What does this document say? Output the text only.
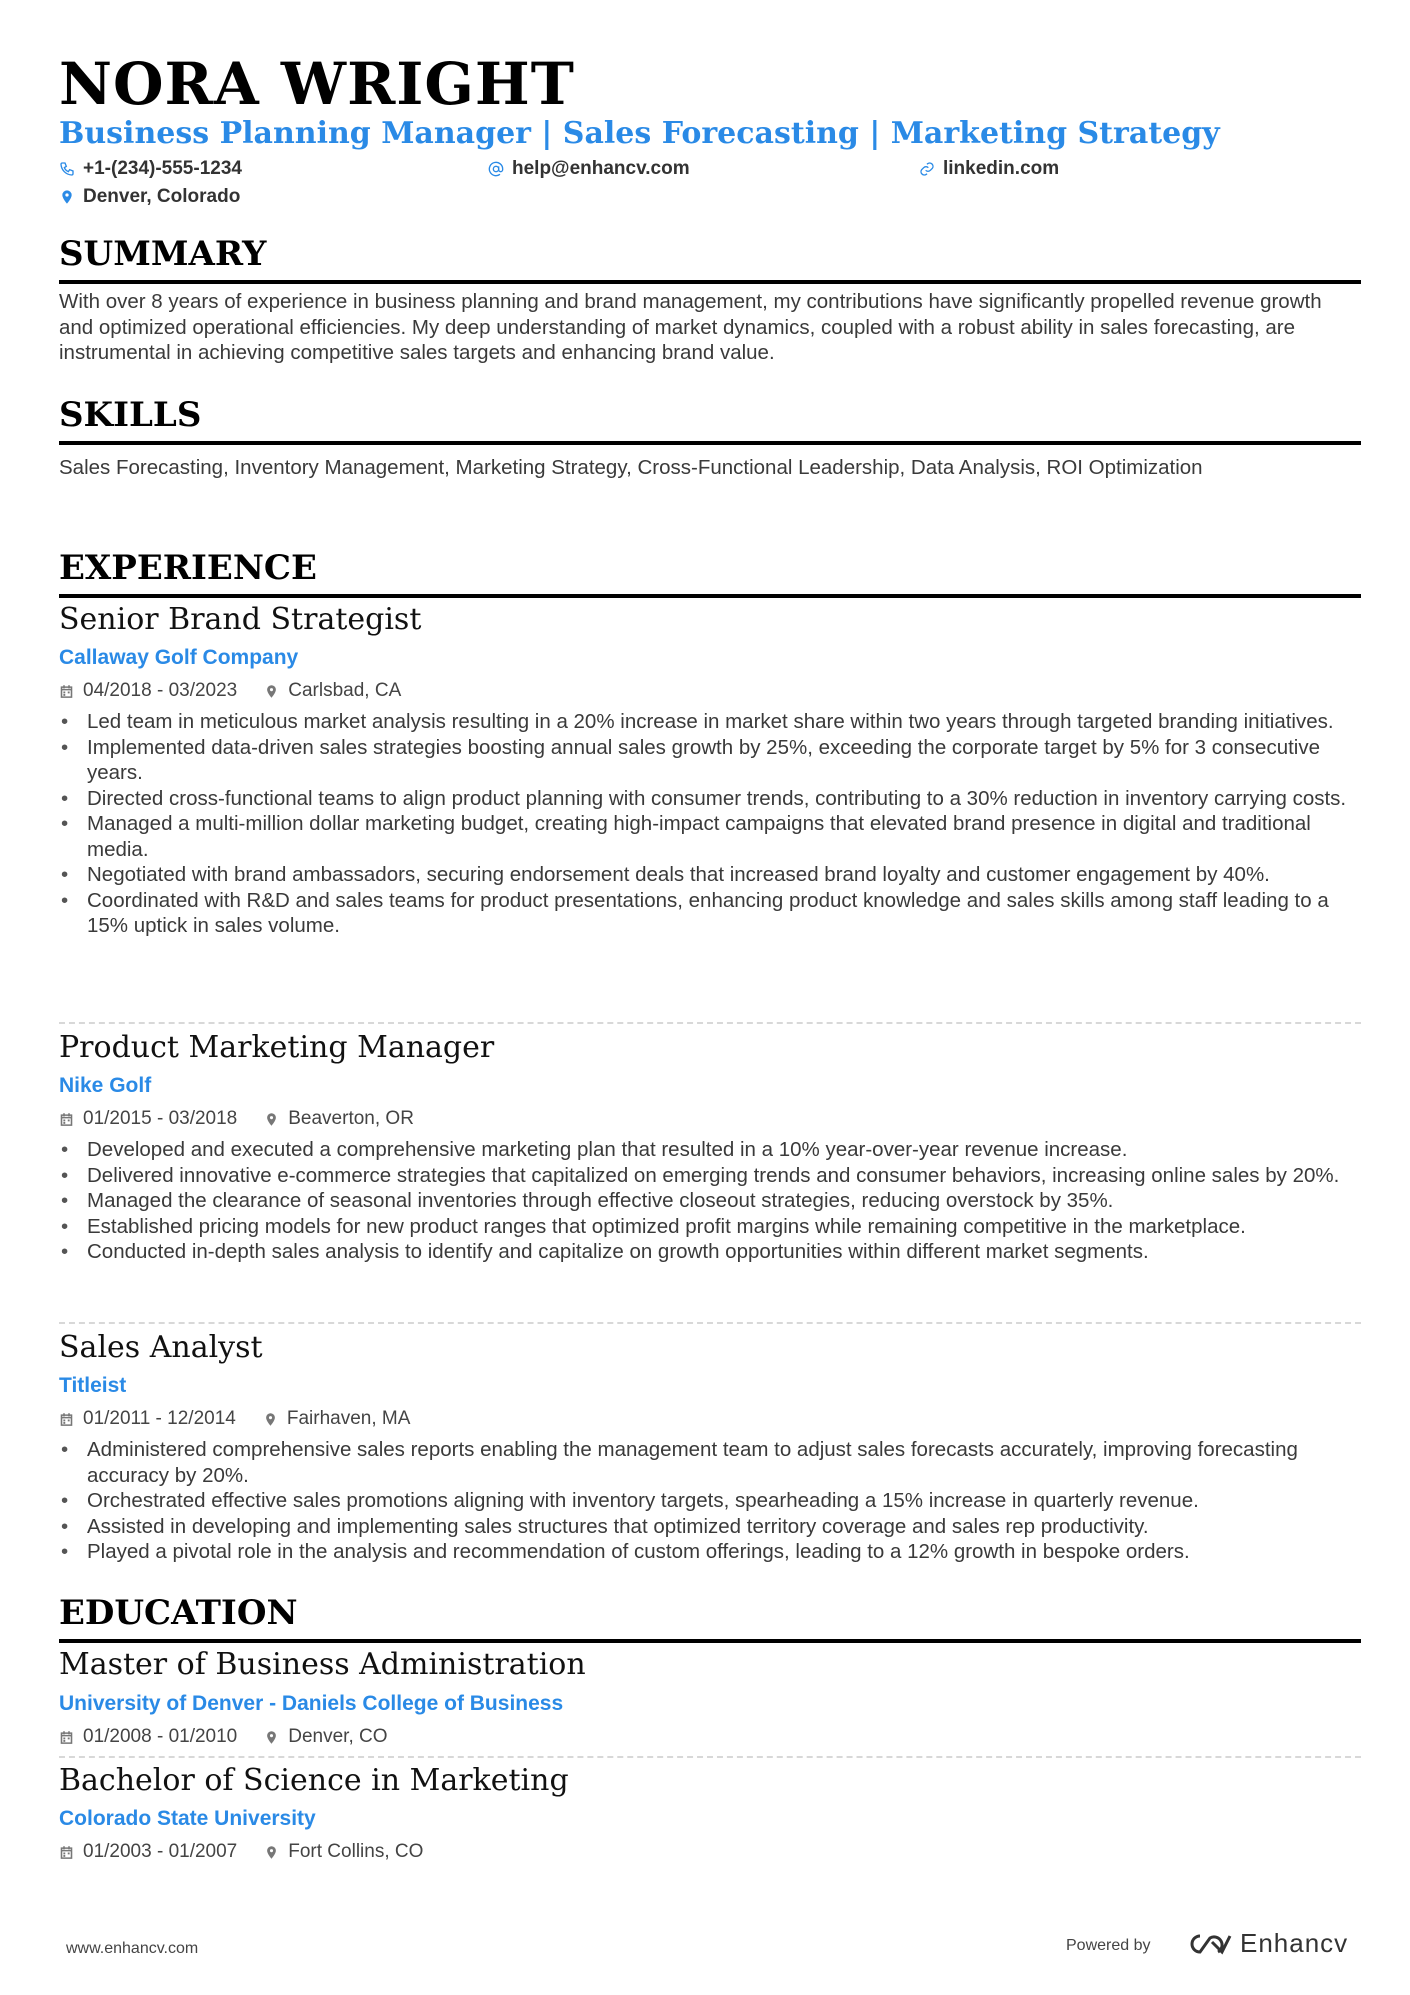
NORA WRIGHT
Business Planning Manager | Sales Forecasting | Marketing Strategy
+1-(234)-555-1234	help@enhancv.com	linkedin.com
Denver, Colorado
SUMMARY
With over 8 years of experience in business planning and brand management, my contributions have significantly propelled revenue growth and optimized operational efficiencies. My deep understanding of market dynamics, coupled with a robust ability in sales forecasting, are instrumental in achieving competitive sales targets and enhancing brand value.
SKILLS
Sales Forecasting, Inventory Management, Marketing Strategy, Cross-Functional Leadership, Data Analysis, ROI Optimization
EXPERIENCE
Senior Brand Strategist
Callaway Golf Company
04/2018 - 03/2023	Carlsbad, CA
• Led team in meticulous market analysis resulting in a 20% increase in market share within two years through targeted branding initiatives.
• Implemented data-driven sales strategies boosting annual sales growth by 25%, exceeding the corporate target by 5% for 3 consecutive years.
• Directed cross-functional teams to align product planning with consumer trends, contributing to a 30% reduction in inventory carrying costs.
• Managed a multi-million dollar marketing budget, creating high-impact campaigns that elevated brand presence in digital and traditional media.
• Negotiated with brand ambassadors, securing endorsement deals that increased brand loyalty and customer engagement by 40%.
• Coordinated with R&D and sales teams for product presentations, enhancing product knowledge and sales skills among staff leading to a 15% uptick in sales volume.
Product Marketing Manager
Nike Golf
01/2015 - 03/2018	Beaverton, OR
• Developed and executed a comprehensive marketing plan that resulted in a 10% year-over-year revenue increase.
• Delivered innovative e-commerce strategies that capitalized on emerging trends and consumer behaviors, increasing online sales by 20%.
• Managed the clearance of seasonal inventories through effective closeout strategies, reducing overstock by 35%.
• Established pricing models for new product ranges that optimized profit margins while remaining competitive in the marketplace.
• Conducted in-depth sales analysis to identify and capitalize on growth opportunities within different market segments.
Sales Analyst
Titleist
01/2011 - 12/2014	Fairhaven, MA
• Administered comprehensive sales reports enabling the management team to adjust sales forecasts accurately, improving forecasting accuracy by 20%.
• Orchestrated effective sales promotions aligning with inventory targets, spearheading a 15% increase in quarterly revenue.
• Assisted in developing and implementing sales structures that optimized territory coverage and sales rep productivity.
• Played a pivotal role in the analysis and recommendation of custom offerings, leading to a 12% growth in bespoke orders.
EDUCATION
Master of Business Administration
University of Denver - Daniels College of Business
01/2008 - 01/2010	Denver, CO
Bachelor of Science in Marketing
Colorado State University
01/2003 - 01/2007	Fort Collins, CO
www.enhancv.com	Powered by	Enhancv
